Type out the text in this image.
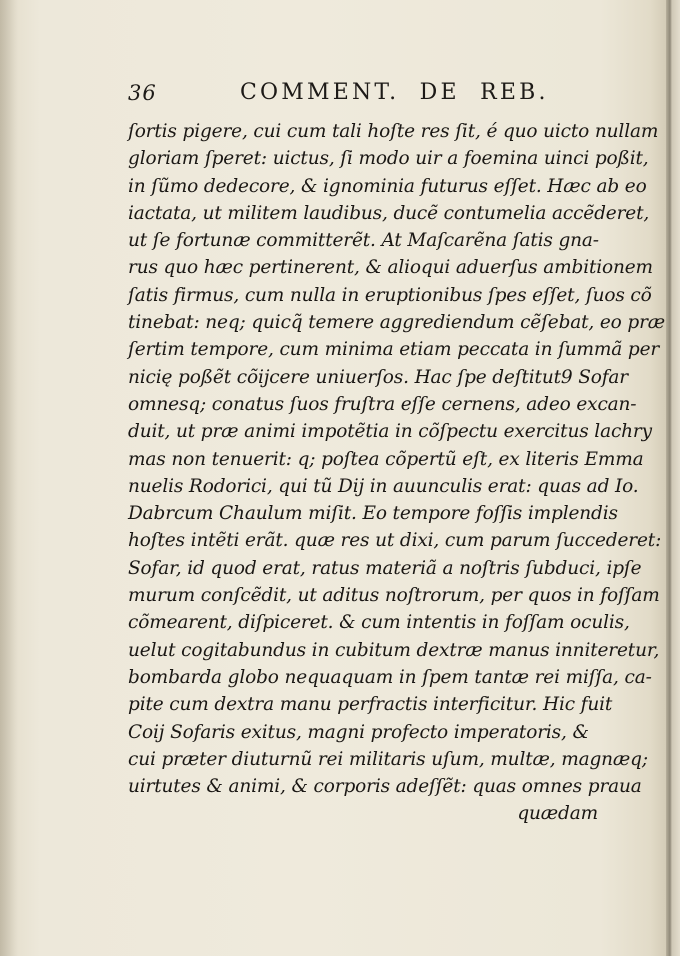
36	COMMENT.  DE  REB.
ſortis pigere, cui cum tali hoſte res ſit, é quo uicto nullam
gloriam ſperet: uictus, ſi modo uir a foemina uinci poßit,
in ſũmo dedecore, & ignominia futurus eſſet. Hæc ab eo
iactata, ut militem laudibus, ducẽ contumelia accẽderet,
ut ſe fortunæ committerẽt. At Maſcarẽna ſatis gna-
rus quo hæc pertinerent, & alioqui aduerſus ambitionem
ſatis firmus, cum nulla in eruptionibus ſpes eſſet, ſuos cõ
tinebat: neq; quicq̃ temere aggrediendum cẽſebat, eo præ
ſertim tempore, cum minima etiam peccata in ſummã per
nicię poßẽt cõijcere uniuerſos. Hac ſpe deſtitut9 Sofar
omnesq; conatus ſuos fruſtra eſſe cernens, adeo excan-
duit, ut præ animi impotẽtia in cõſpectu exercitus lachry
mas non tenuerit: q; poſtea cõpertũ eſt, ex literis Emma
nuelis Rodorici, qui tũ Dij in auunculis erat: quas ad Io.
Dabrcum Chaulum miſit. Eo tempore foſſis implendis
hoſtes intẽti erãt. quæ res ut dixi, cum parum ſuccederet:
Sofar, id quod erat, ratus materiã a noſtris ſubduci, ipſe
murum conſcẽdit, ut aditus noſtrorum, per quos in foſſam
cõmearent, diſpiceret. & cum intentis in foſſam oculis,
uelut cogitabundus in cubitum dextræ manus inniteretur,
bombarda globo nequaquam in ſpem tantæ rei miſſa, ca-
pite cum dextra manu perfractis interficitur. Hic fuit
Coij Sofaris exitus, magni profecto imperatoris, &
cui præter diuturnũ rei militaris uſum, multæ, magnæq;
uirtutes & animi, & corporis adeſſẽt: quas omnes praua
quædam
